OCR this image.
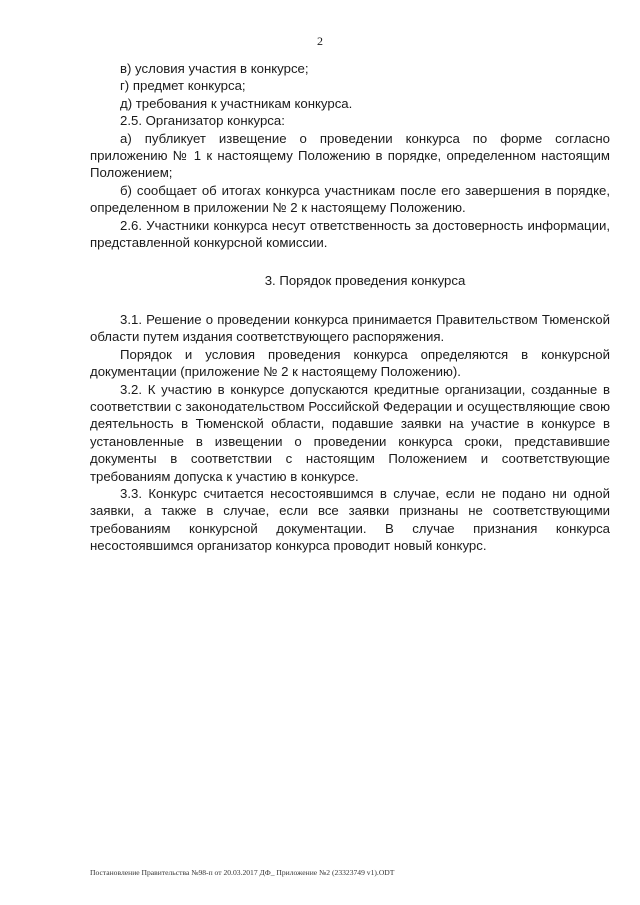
2

в) условия участия в конкурсе;

г) предмет конкурса;

д) требования к участникам конкурса.

2.5. Организатор конкурса:

а) публикует извещение о проведении конкурса по форме согласно приложению № 1 к настоящему Положению в порядке, определенном настоящим Положением;

б) сообщает об итогах конкурса участникам после его завершения в порядке, определенном в приложении № 2 к настоящему Положению.

2.6. Участники конкурса несут ответственность за достоверность информации, представленной конкурсной комиссии.

3. Порядок проведения конкурса

3.1. Решение о проведении конкурса принимается Правительством Тюменской области путем издания соответствующего распоряжения.

Порядок и условия проведения конкурса определяются в конкурсной документации (приложение № 2 к настоящему Положению).

3.2. К участию в конкурсе допускаются кредитные организации, созданные в соответствии с законодательством Российской Федерации и осуществляющие свою деятельность в Тюменской области, подавшие заявки на участие в конкурсе в установленные в извещении о проведении конкурса сроки, представившие документы в соответствии с настоящим Положением и соответствующие требованиям допуска к участию в конкурсе.

3.3. Конкурс считается несостоявшимся в случае, если не подано ни одной заявки, а также в случае, если все заявки признаны не соответствующими требованиям конкурсной документации. В случае признания конкурса несостоявшимся организатор конкурса проводит новый конкурс.

Постановление Правительства №98-п от 20.03.2017 ДФ_ Приложение №2 (23323749 v1).ODT
